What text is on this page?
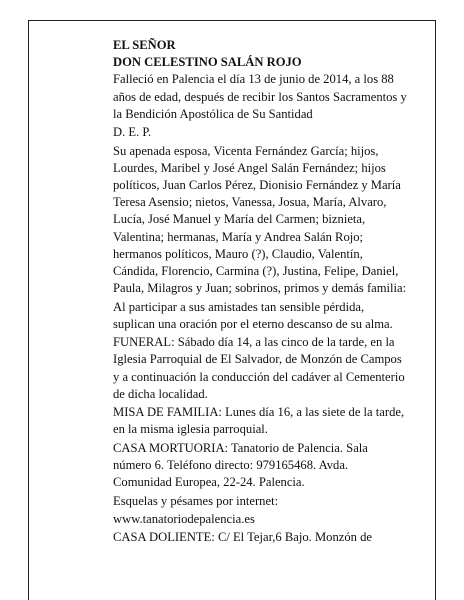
EL SEÑOR
DON CELESTINO SALÁN ROJO
Falleció en Palencia el día 13 de junio de 2014, a los 88 años de edad, después de recibir los Santos Sacramentos y la Bendición Apostólica de Su Santidad
D. E. P.
Su apenada esposa, Vicenta Fernández García; hijos, Lourdes, Maribel y José Angel Salán Fernández; hijos políticos, Juan Carlos Pérez, Dionisio Fernández y María Teresa Asensio; nietos, Vanessa, Josua, María, Alvaro, Lucía, José Manuel y María del Carmen; biznieta, Valentina; hermanas, María y Andrea Salán Rojo; hermanos políticos, Mauro (?), Claudio, Valentín, Cándida, Florencio, Carmina (?), Justina, Felipe, Daniel, Paula, Milagros y Juan; sobrinos, primos y demás familia:
Al participar a sus amistades tan sensible pérdida, suplican una oración por el eterno descanso de su alma.
FUNERAL: Sábado día 14, a las cinco de la tarde, en la Iglesia Parroquial de El Salvador, de Monzón de Campos y a continuación la conducción del cadáver al Cementerio de dicha localidad.
MISA DE FAMILIA: Lunes día 16, a las siete de la tarde, en la misma iglesia parroquial.
CASA MORTUORIA: Tanatorio de Palencia. Sala número 6. Teléfono directo: 979165468. Avda. Comunidad Europea, 22-24. Palencia.
Esquelas y pésames por internet:
www.tanatoriodepalencia.es
CASA DOLIENTE: C/ El Tejar,6 Bajo. Monzón de
